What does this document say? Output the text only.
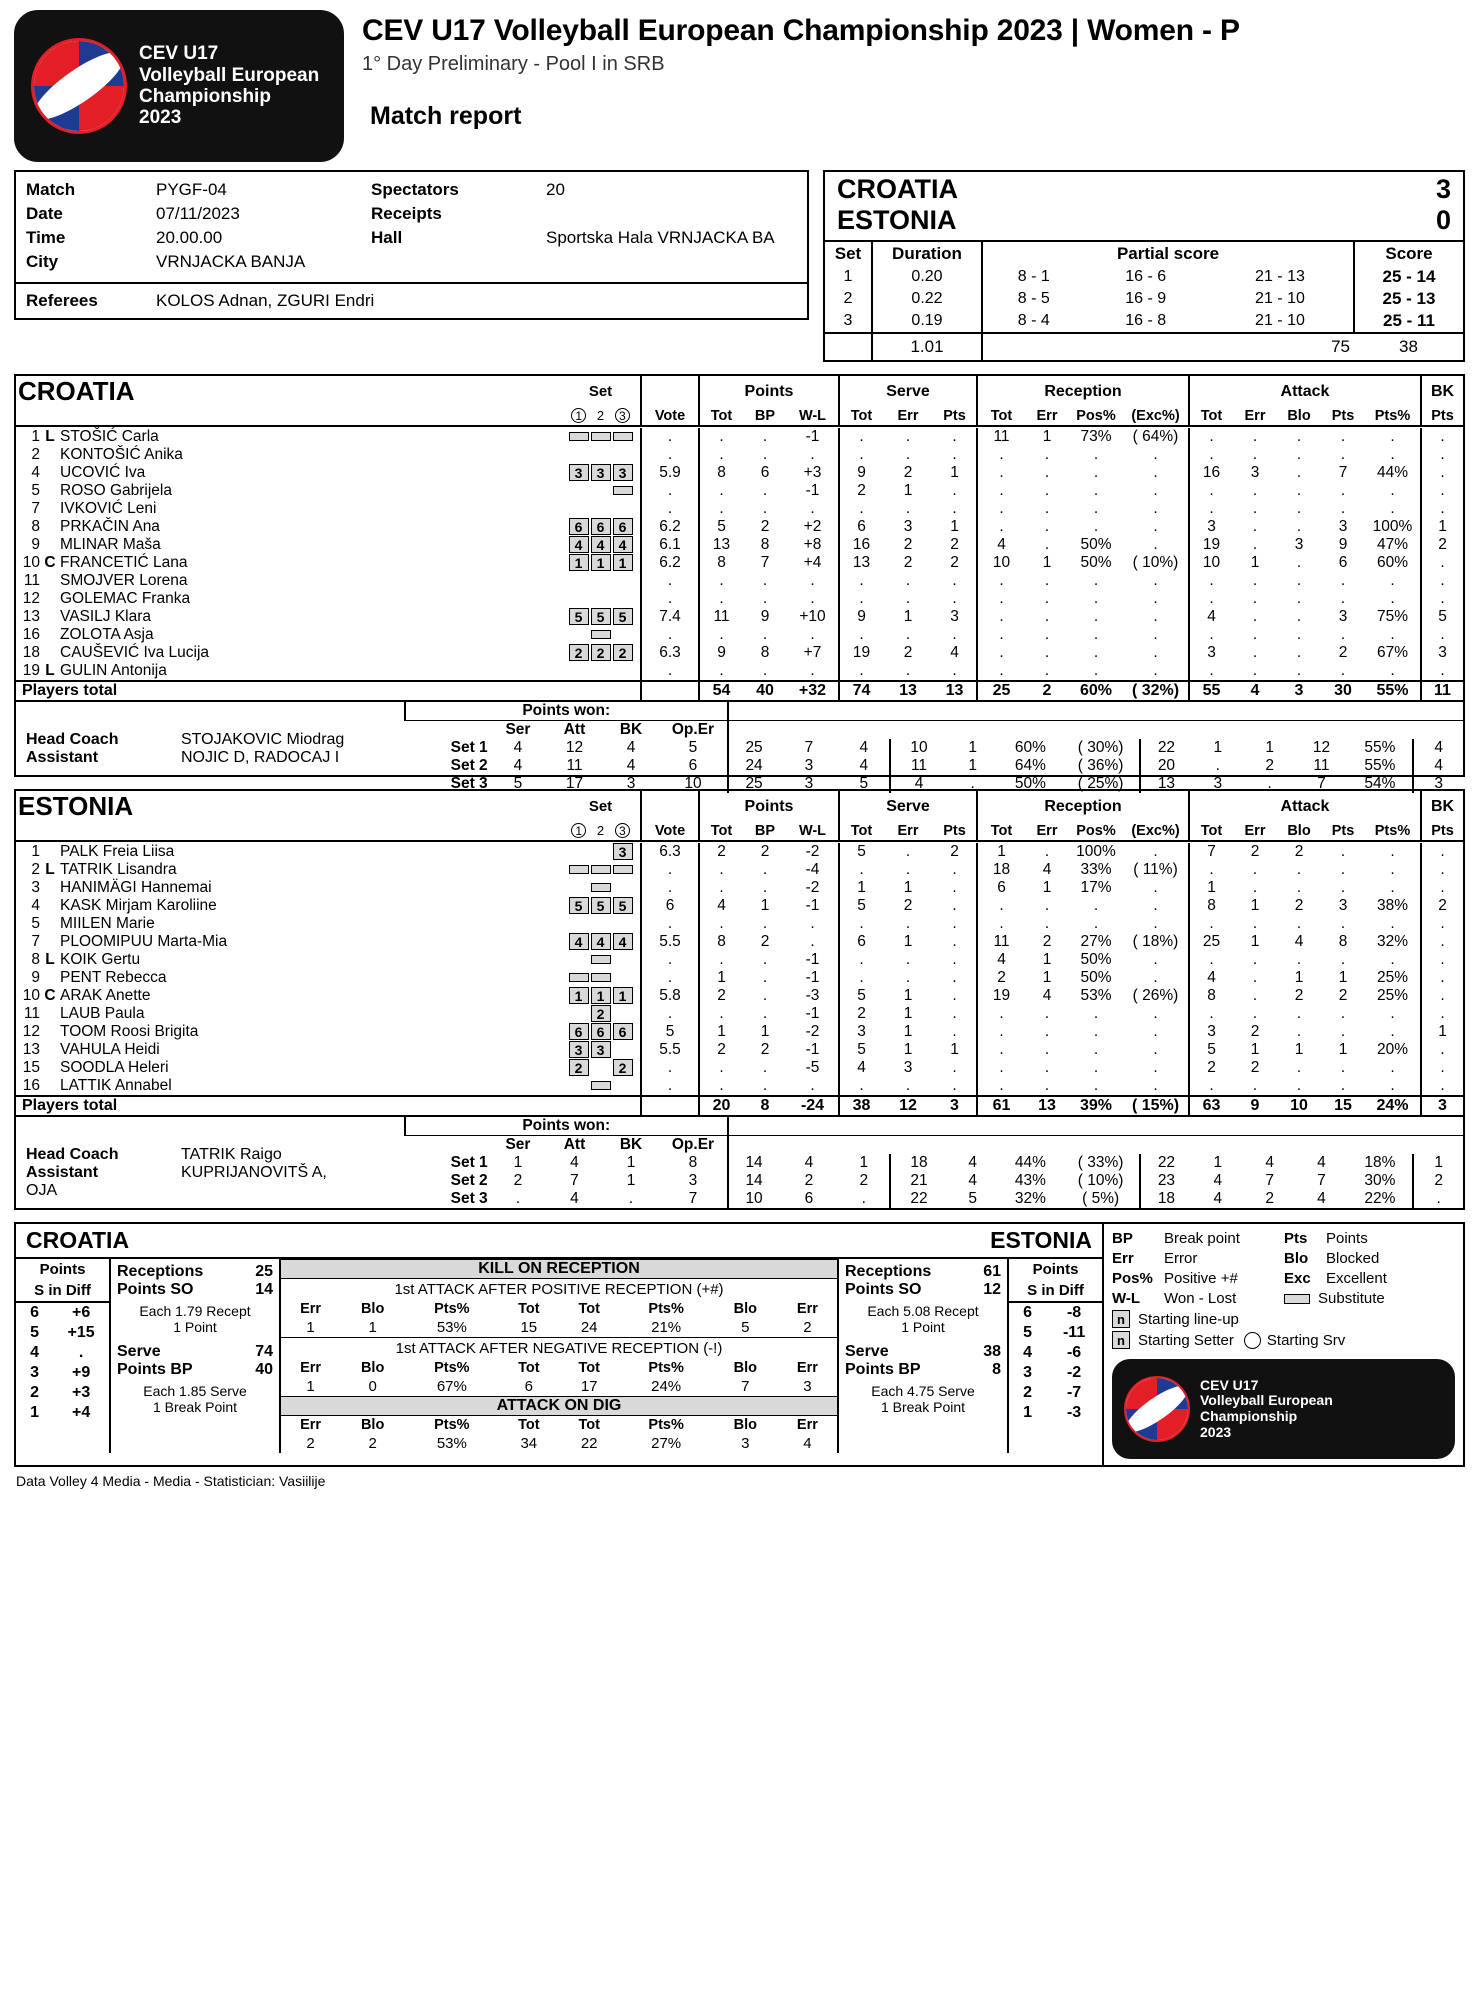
CEV U17
Volleyball European
Championship
2023
CEV U17 Volleyball European Championship 2023 | Women - P
1° Day Preliminary - Pool I in SRB
Match report
Match	PYGF-04	Spectators	20
Date	07/11/2023	Receipts	
Time	20.00.00	Hall	Sportska Hala VRNJACKA BA
City	VRNJACKA BANJA		
Referees	KOLOS Adnan, ZGURI Endri
CROATIA	3
ESTONIA	0
Set	Duration	Partial score			Score
1	0.20	8 - 1	16 - 6	21 - 13	25 - 14
2	0.22	8 - 5	16 - 9	21 - 10	25 - 13
3	0.19	8 - 4	16 - 8	21 - 10	25 - 11
	1.01			75	38
CROATIA			Set		Points			Serve			Reception				Attack					BK
			1 2 3	Vote	Tot	BP	W-L	Tot	Err	Pts	Tot	Err	Pos%	(Exc%)	Tot	Err	Blo	Pts	Pts%	Pts

1	L	STOŠIĆ Carla		.	.	.	-1	.	.	.	11	1	73%	( 64%)	.	.	.	.	.	.
2		KONTOŠIĆ Anika		.	.	.	.	.	.	.	.	.	.	.	.	.	.	.	.	.
4		UCOVIĆ Iva	3 3 3	5.9	8	6	+3	9	2	1	.	.	.	.	16	3	.	7	44%	.
5		ROSO Gabrijela		.	.	.	-1	2	1	.	.	.	.	.	.	.	.	.	.	.
7		IVKOVIĆ Leni		.	.	.	.	.	.	.	.	.	.	.	.	.	.	.	.	.
8		PRKAČIN Ana	6 6 6	6.2	5	2	+2	6	3	1	.	.	.	.	3	.	.	3	100%	1
9		MLINAR Maša	4 4 4	6.1	13	8	+8	16	2	2	4	.	50%	.	19	.	3	9	47%	2
10	C	FRANCETIĆ Lana	1 1 1	6.2	8	7	+4	13	2	2	10	1	50%	( 10%)	10	1	.	6	60%	.
11		SMOJVER Lorena		.	.	.	.	.	.	.	.	.	.	.	.	.	.	.	.	.
12		GOLEMAC Franka		.	.	.	.	.	.	.	.	.	.	.	.	.	.	.	.	.
13		VASILJ Klara	5 5 5	7.4	11	9	+10	9	1	3	.	.	.	.	4	.	.	3	75%	5
16		ZOLOTA Asja		.	.	.	.	.	.	.	.	.	.	.	.	.	.	.	.	.
18		CAUŠEVIĆ Iva Lucija	2 2 2	6.3	9	8	+7	19	2	4	.	.	.	.	3	.	.	2	67%	3
19	L	GULIN Antonija		.	.	.	.	.	.	.	.	.	.	.	.	.	.	.	.	.
Players total					54	40	+32	74	13	13	25	2	60%	( 32%)	55	4	3	30	55%	11
	Points won:																	
		Ser	Att	BK	Op.Er													
	Set 1	4	12	4	5	25	7	4	10	1	60%	( 30%)	22	1	1	12	55%	4
	Set 2	4	11	4	6	24	3	4	11	1	64%	( 36%)	20	.	2	11	55%	4
	Set 3	5	17	3	10	25	3	5	4	.	50%	( 25%)	13	3	.	7	54%	3
Head Coach	STOJAKOVIC Miodrag
Assistant	NOJIC D, RADOCAJ I
ESTONIA			Set		Points			Serve			Reception				Attack					BK
			1 2 3	Vote	Tot	BP	W-L	Tot	Err	Pts	Tot	Err	Pos%	(Exc%)	Tot	Err	Blo	Pts	Pts%	Pts

1		PALK Freia Liisa	3	6.3	2	2	-2	5	.	2	1	.	100%	.	7	2	2	.	.	.
2	L	TATRIK Lisandra		.	.	.	-4	.	.	.	18	4	33%	( 11%)	.	.	.	.	.	.
3		HANIMÄGI Hannemai		.	.	.	-2	1	1	.	6	1	17%	.	1	.	.	.	.	.
4		KASK Mirjam Karoliine	5 5 5	6	4	1	-1	5	2	.	.	.	.	.	8	1	2	3	38%	2
5		MIILEN Marie		.	.	.	.	.	.	.	.	.	.	.	.	.	.	.	.	.
7		PLOOMIPUU Marta-Mia	4 4 4	5.5	8	2	.	6	1	.	11	2	27%	( 18%)	25	1	4	8	32%	.
8	L	KOIK Gertu		.	.	.	-1	.	.	.	4	1	50%	.	.	.	.	.	.	.
9		PENT Rebecca		.	1	.	-1	.	.	.	2	1	50%	.	4	.	1	1	25%	.
10	C	ARAK Anette	1 1 1	5.8	2	.	-3	5	1	.	19	4	53%	( 26%)	8	.	2	2	25%	.
11		LAUB Paula	2	.	.	.	-1	2	1	.	.	.	.	.	.	.	.	.	.	.
12		TOOM Roosi Brigita	6 6 6	5	1	1	-2	3	1	.	.	.	.	.	3	2	.	.	.	1
13		VAHULA Heidi	3 3	5.5	2	2	-1	5	1	1	.	.	.	.	5	1	1	1	20%	.
15		SOODLA Heleri	2 2	.	.	.	-5	4	3	.	.	.	.	.	2	2	.	.	.	.
16		LATTIK Annabel		.	.	.	.	.	.	.	.	.	.	.	.	.	.	.	.	.
Players total					20	8	-24	38	12	3	61	13	39%	( 15%)	63	9	10	15	24%	3
	Points won:																	
		Ser	Att	BK	Op.Er													
	Set 1	1	4	1	8	14	4	1	18	4	44%	( 33%)	22	1	4	4	18%	1
	Set 2	2	7	1	3	14	2	2	21	4	43%	( 10%)	23	4	7	7	30%	2
	Set 3	.	4	.	7	10	6	.	22	5	32%	( 5%)	18	4	2	4	22%	.
Head Coach	TATRIK Raigo
Assistant	KUPRIJANOVITŠ A, OJA
CROATIA	ESTONIA
Points
S in Diff
6	+6
5	+15
4	.
3	+9
2	+3
1	+4
Receptions	25
Points SO	14
Each 1.79 Recept
1 Point
Serve	74
Points BP	40
Each 1.85 Serve
1 Break Point
KILL ON RECEPTION
1st ATTACK AFTER POSITIVE RECEPTION (+#)
Err	Blo	Pts%	Tot	Tot	Pts%	Blo	Err
1	1	53%	15	24	21%	5	2
1st ATTACK AFTER NEGATIVE RECEPTION (-!)
Err	Blo	Pts%	Tot	Tot	Pts%	Blo	Err
1	0	67%	6	17	24%	7	3
ATTACK ON DIG
Err	Blo	Pts%	Tot	Tot	Pts%	Blo	Err
2	2	53%	34	22	27%	3	4
Receptions	61
Points SO	12
Each 5.08 Recept
1 Point
Serve	38
Points BP	8
Each 4.75 Serve
1 Break Point
Points
S in Diff
6	-8
5	-11
4	-6
3	-2
2	-7
1	-3
BP	Break point	Pts	Points
Err	Error	Blo	Blocked
Pos% Positive +#	Exc	Excellent
W-L	Won - Lost	Substitute
n Starting line-up
n Starting Setter Starting Srv
CEV U17
Volleyball European
Championship
2023
Data Volley 4 Media - Media - Statistician: Vasiilije
